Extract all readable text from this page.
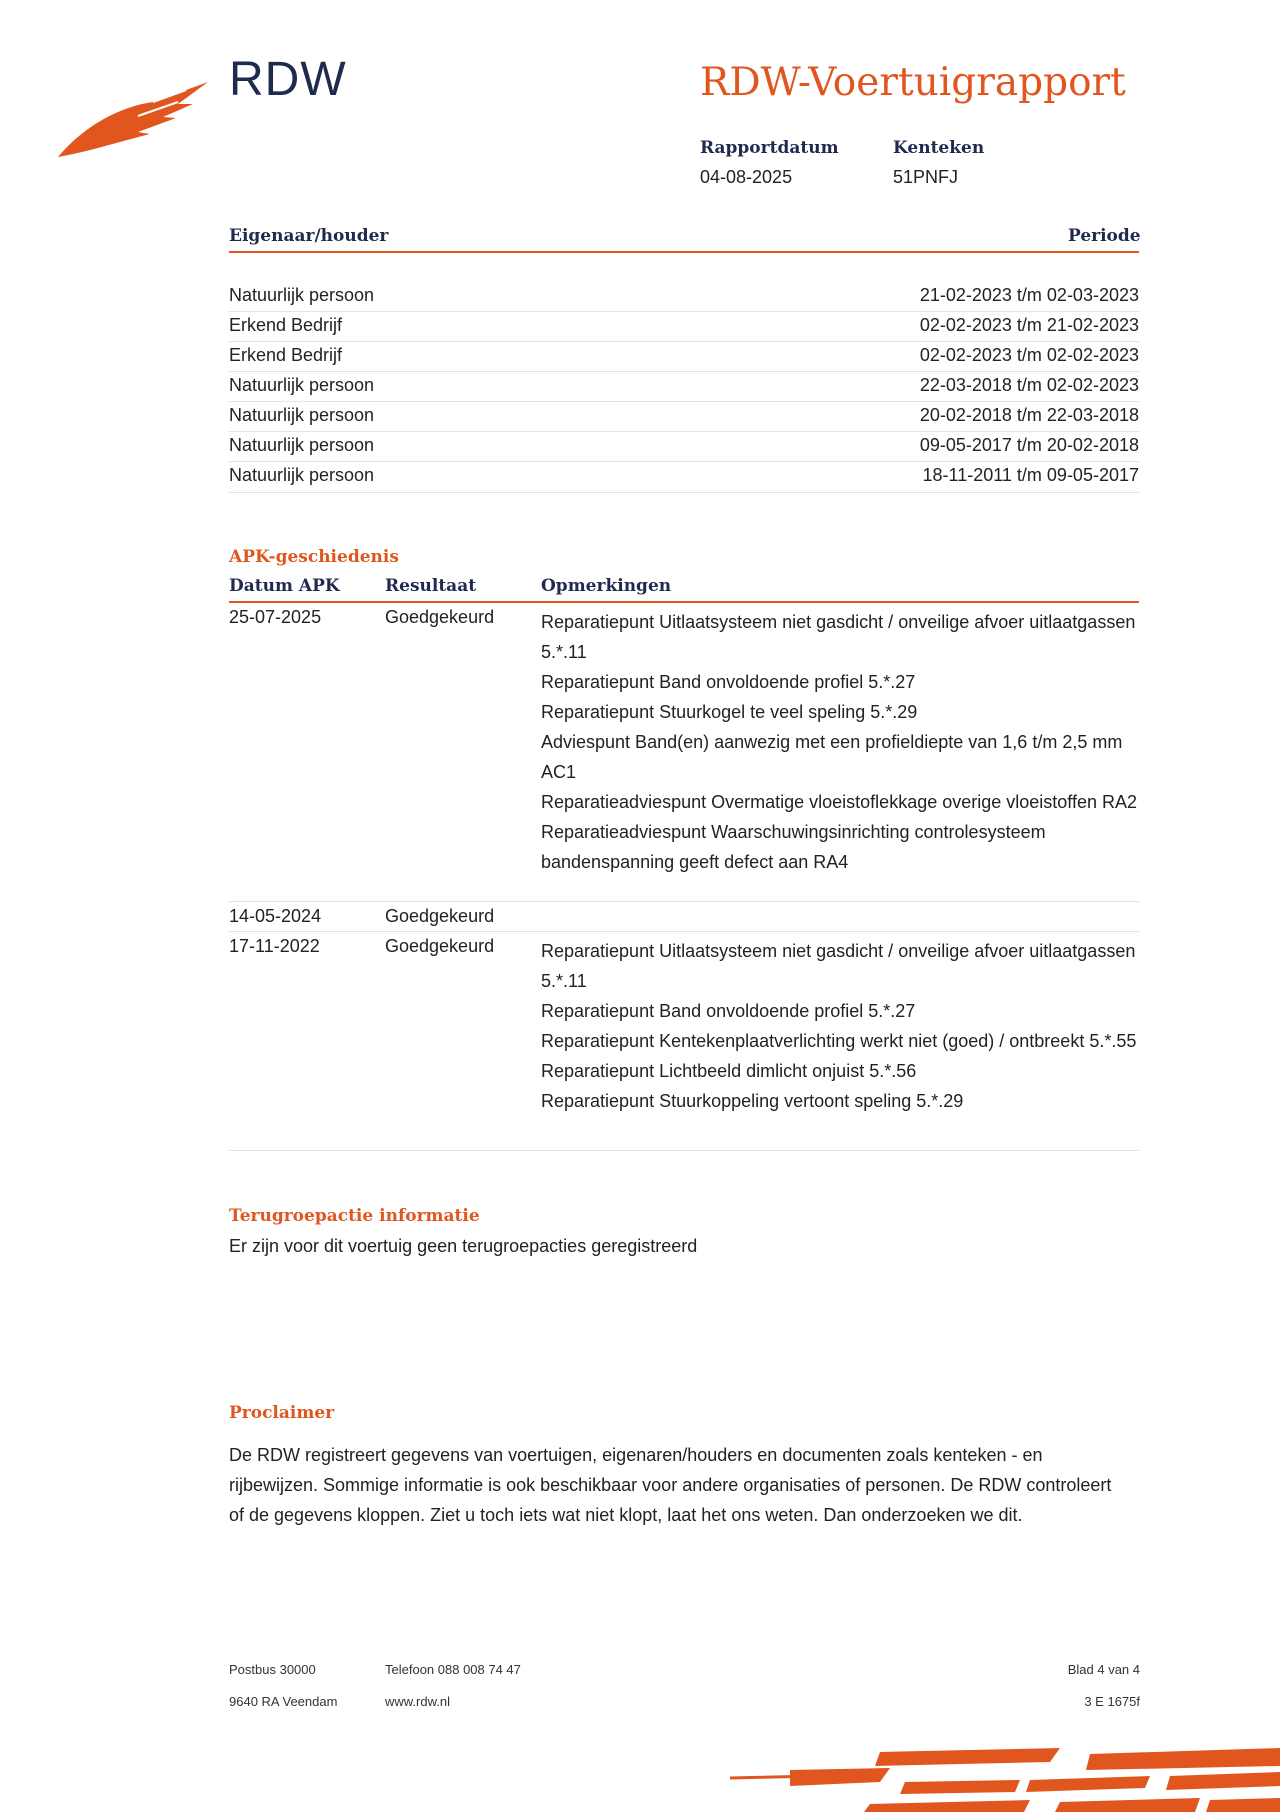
RDW	RDW-Voertuigrapport
Rapportdatum
04-08-2025
Kenteken
51PNFJ
Eigenaar/houder	Periode
Natuurlijk persoon	21-02-2023 t/m 02-03-2023
Erkend Bedrijf	02-02-2023 t/m 21-02-2023
Erkend Bedrijf	02-02-2023 t/m 02-02-2023
Natuurlijk persoon	22-03-2018 t/m 02-02-2023
Natuurlijk persoon	20-02-2018 t/m 22-03-2018
Natuurlijk persoon	09-05-2017 t/m 20-02-2018
Natuurlijk persoon	18-11-2011 t/m 09-05-2017
APK-geschiedenis
Datum APK	Resultaat	Opmerkingen
25-07-2025	Goedgekeurd	Reparatiepunt Uitlaatsysteem niet gasdicht / onveilige afvoer uitlaatgassen 5.*.11
Reparatiepunt Band onvoldoende profiel 5.*.27
Reparatiepunt Stuurkogel te veel speling 5.*.29
Adviespunt Band(en) aanwezig met een profieldiepte van 1,6 t/m 2,5 mm AC1
Reparatieadviespunt Overmatige vloeistoflekkage overige vloeistoffen RA2
Reparatieadviespunt Waarschuwingsinrichting controlesysteem bandenspanning geeft defect aan RA4
14-05-2024	Goedgekeurd
17-11-2022	Goedgekeurd	Reparatiepunt Uitlaatsysteem niet gasdicht / onveilige afvoer uitlaatgassen 5.*.11
Reparatiepunt Band onvoldoende profiel 5.*.27
Reparatiepunt Kentekenplaatverlichting werkt niet (goed) / ontbreekt 5.*.55
Reparatiepunt Lichtbeeld dimlicht onjuist 5.*.56
Reparatiepunt Stuurkoppeling vertoont speling 5.*.29
Terugroepactie informatie
Er zijn voor dit voertuig geen terugroepacties geregistreerd
Proclaimer
De RDW registreert gegevens van voertuigen, eigenaren/houders en documenten zoals kenteken - en rijbewijzen. Sommige informatie is ook beschikbaar voor andere organisaties of personen. De RDW controleert of de gegevens kloppen. Ziet u toch iets wat niet klopt, laat het ons weten. Dan onderzoeken we dit.
Postbus 30000
9640 RA Veendam
Telefoon 088 008 74 47
www.rdw.nl
Blad 4 van 4
3 E 1675f
